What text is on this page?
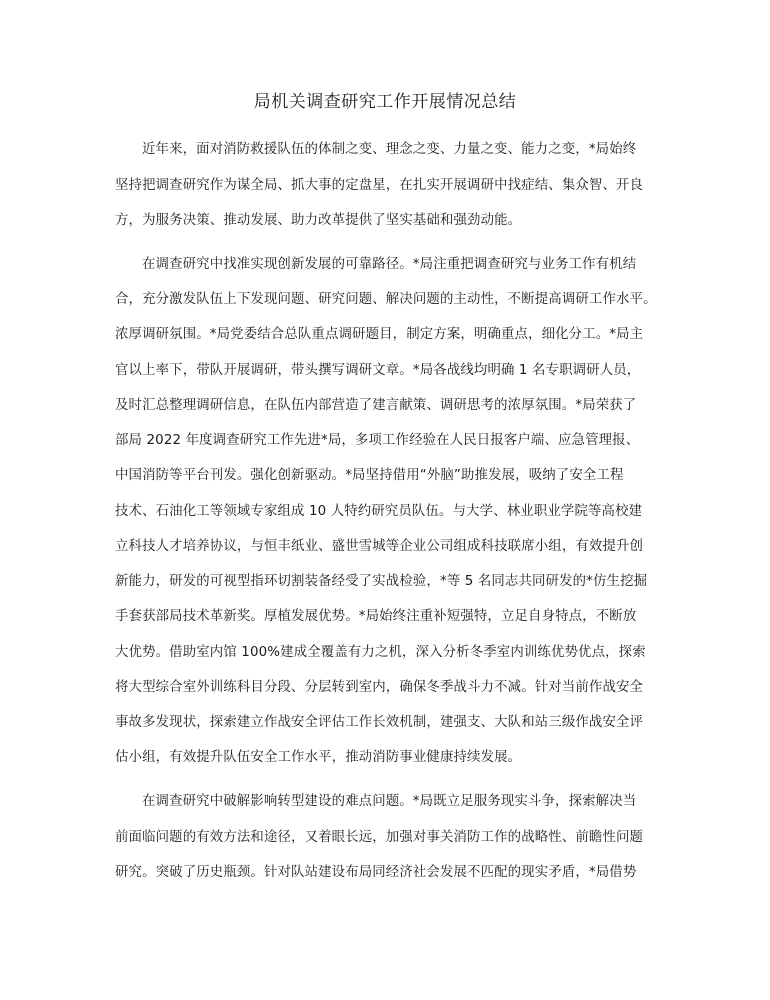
局机关调查研究工作开展情况总结
近年来，面对消防救援队伍的体制之变、理念之变、力量之变、能力之变，*局始终
坚持把调查研究作为谋全局、抓大事的定盘星，在扎实开展调研中找症结、集众智、开良
方，为服务决策、推动发展、助力改革提供了坚实基础和强劲动能。
在调查研究中找准实现创新发展的可靠路径。*局注重把调查研究与业务工作有机结
合，充分激发队伍上下发现问题、研究问题、解决问题的主动性，不断提高调研工作水平。
浓厚调研氛围。*局党委结合总队重点调研题目，制定方案，明确重点，细化分工。*局主
官以上率下，带队开展调研，带头撰写调研文章。*局各战线均明确 1 名专职调研人员，
及时汇总整理调研信息，在队伍内部营造了建言献策、调研思考的浓厚氛围。*局荣获了
部局 2022 年度调查研究工作先进*局，多项工作经验在人民日报客户端、应急管理报、
中国消防等平台刊发。强化创新驱动。*局坚持借用“外脑”助推发展，吸纳了安全工程
技术、石油化工等领域专家组成 10 人特约研究员队伍。与大学、林业职业学院等高校建
立科技人才培养协议，与恒丰纸业、盛世雪城等企业公司组成科技联席小组，有效提升创
新能力，研发的可视型指环切割装备经受了实战检验，*等 5 名同志共同研发的*仿生挖掘
手套获部局技术革新奖。厚植发展优势。*局始终注重补短强特，立足自身特点，不断放
大优势。借助室内馆 100%建成全覆盖有力之机，深入分析冬季室内训练优势优点，探索
将大型综合室外训练科目分段、分层转到室内，确保冬季战斗力不减。针对当前作战安全
事故多发现状，探索建立作战安全评估工作长效机制，建强支、大队和站三级作战安全评
估小组，有效提升队伍安全工作水平，推动消防事业健康持续发展。
在调查研究中破解影响转型建设的难点问题。*局既立足服务现实斗争，探索解决当
前面临问题的有效方法和途径，又着眼长远，加强对事关消防工作的战略性、前瞻性问题
研究。突破了历史瓶颈。针对队站建设布局同经济社会发展不匹配的现实矛盾，*局借势
